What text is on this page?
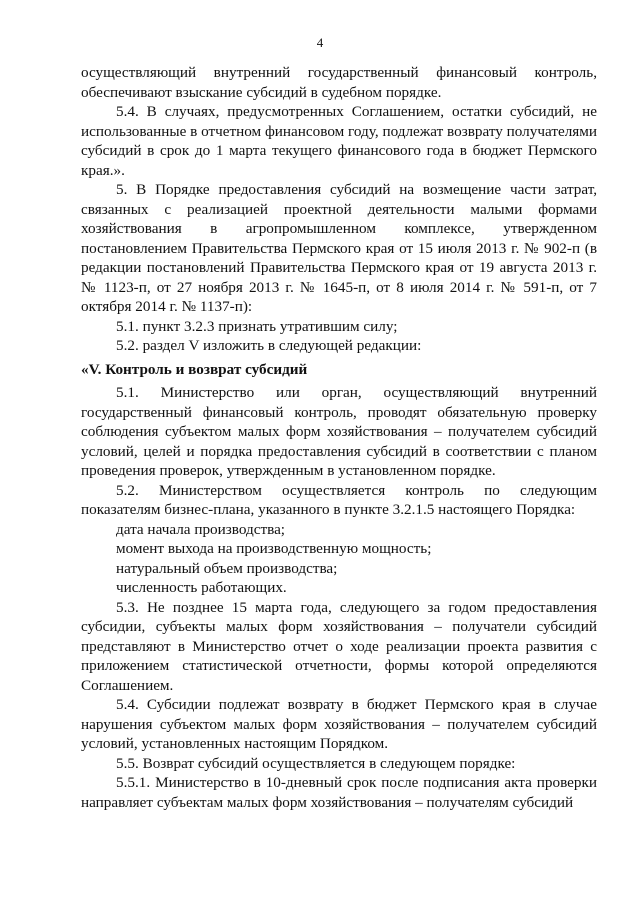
4

осуществляющий внутренний государственный финансовый контроль, обеспечивают взыскание субсидий в судебном порядке.

5.4. В случаях, предусмотренных Соглашением, остатки субсидий, не использованные в отчетном финансовом году, подлежат возврату получателями субсидий в срок до 1 марта текущего финансового года в бюджет Пермского края.».

5. В Порядке предоставления субсидий на возмещение части затрат, связанных с реализацией проектной деятельности малыми формами хозяйствования в агропромышленном комплексе, утвержденном постановлением Правительства Пермского края от 15 июля 2013 г. № 902-п (в редакции постановлений Правительства Пермского края от 19 августа 2013 г. № 1123-п, от 27 ноября 2013 г. № 1645-п, от 8 июля 2014 г. № 591-п, от 7 октября 2014 г. № 1137-п):

5.1. пункт 3.2.3 признать утратившим силу;

5.2. раздел V изложить в следующей редакции:

«V. Контроль и возврат субсидий

5.1. Министерство или орган, осуществляющий внутренний государственный финансовый контроль, проводят обязательную проверку соблюдения субъектом малых форм хозяйствования – получателем субсидий условий, целей и порядка предоставления субсидий в соответствии с планом проведения проверок, утвержденным в установленном порядке.

5.2. Министерством осуществляется контроль по следующим показателям бизнес-плана, указанного в пункте 3.2.1.5 настоящего Порядка:

дата начала производства;

момент выхода на производственную мощность;

натуральный объем производства;

численность работающих.

5.3. Не позднее 15 марта года, следующего за годом предоставления субсидии, субъекты малых форм хозяйствования – получатели субсидий представляют в Министерство отчет о ходе реализации проекта развития с приложением статистической отчетности, формы которой определяются Соглашением.

5.4. Субсидии подлежат возврату в бюджет Пермского края в случае нарушения субъектом малых форм хозяйствования – получателем субсидий условий, установленных настоящим Порядком.

5.5. Возврат субсидий осуществляется в следующем порядке:

5.5.1. Министерство в 10-дневный срок после подписания акта проверки направляет субъектам малых форм хозяйствования – получателям субсидий
